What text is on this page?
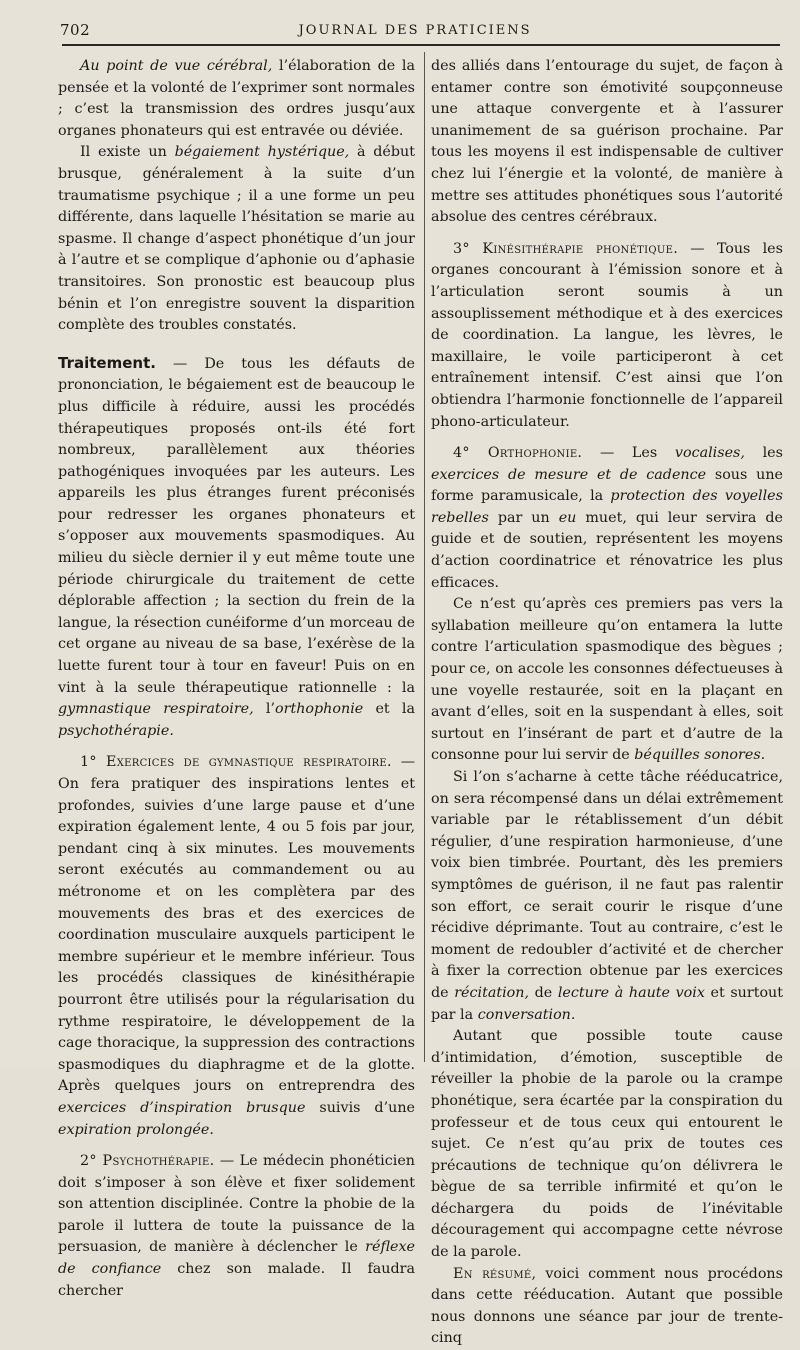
702	JOURNAL DES PRATICIENS

Au point de vue cérébral, l’élaboration de la pensée et la volonté de l’exprimer sont normales ; c’est la transmission des ordres jusqu’aux organes phonateurs qui est entravée ou déviée.

Il existe un bégaiement hystérique, à début brusque, généralement à la suite d’un traumatisme psychique ; il a une forme un peu différente, dans laquelle l’hésitation se marie au spasme. Il change d’aspect phonétique d’un jour à l’autre et se complique d’aphonie ou d’aphasie transitoires. Son pronostic est beaucoup plus bénin et l’on enregistre souvent la disparition complète des troubles constatés.

Traitement. — De tous les défauts de prononciation, le bégaiement est de beaucoup le plus difficile à réduire, aussi les procédés thérapeutiques proposés ont-ils été fort nombreux, parallèlement aux théories pathogéniques invoquées par les auteurs. Les appareils les plus étranges furent préconisés pour redresser les organes phonateurs et s’opposer aux mouvements spasmodiques. Au milieu du siècle dernier il y eut même toute une période chirurgicale du traitement de cette déplorable affection ; la section du frein de la langue, la résection cunéiforme d’un morceau de cet organe au niveau de sa base, l’exérèse de la luette furent tour à tour en faveur! Puis on en vint à la seule thérapeutique rationnelle : la gymnastique respiratoire, l’orthophonie et la psychothérapie.

1° Exercices de gymnastique respiratoire. — On fera pratiquer des inspirations lentes et profondes, suivies d’une large pause et d’une expiration également lente, 4 ou 5 fois par jour, pendant cinq à six minutes. Les mouvements seront exécutés au commandement ou au métronome et on les complètera par des mouvements des bras et des exercices de coordination musculaire auxquels participent le membre supérieur et le membre inférieur. Tous les procédés classiques de kinésithérapie pourront être utilisés pour la régularisation du rythme respiratoire, le développement de la cage thoracique, la suppression des contractions spasmodiques du diaphragme et de la glotte. Après quelques jours on entreprendra des exercices d’inspiration brusque suivis d’une expiration prolongée.

2° Psychothérapie. — Le médecin phonéticien doit s’imposer à son élève et fixer solidement son attention disciplinée. Contre la phobie de la parole il luttera de toute la puissance de la persuasion, de manière à déclencher le réflexe de confiance chez son malade. Il faudra chercher

des alliés dans l’entourage du sujet, de façon à entamer contre son émotivité soupçonneuse une attaque convergente et à l’assurer unanimement de sa guérison prochaine. Par tous les moyens il est indispensable de cultiver chez lui l’énergie et la volonté, de manière à mettre ses attitudes phonétiques sous l’autorité absolue des centres cérébraux.

3° Kinésithérapie phonétique. — Tous les organes concourant à l’émission sonore et à l’articulation seront soumis à un assouplissement méthodique et à des exercices de coordination. La langue, les lèvres, le maxillaire, le voile participeront à cet entraînement intensif. C’est ainsi que l’on obtiendra l’harmonie fonctionnelle de l’appareil phono-articulateur.

4° Orthophonie. — Les vocalises, les exercices de mesure et de cadence sous une forme paramusicale, la protection des voyelles rebelles par un eu muet, qui leur servira de guide et de soutien, représentent les moyens d’action coordinatrice et rénovatrice les plus efficaces.

Ce n’est qu’après ces premiers pas vers la syllabation meilleure qu’on entamera la lutte contre l’articulation spasmodique des bègues ; pour ce, on accole les consonnes défectueuses à une voyelle restaurée, soit en la plaçant en avant d’elles, soit en la suspendant à elles, soit surtout en l’insérant de part et d’autre de la consonne pour lui servir de béquilles sonores.

Si l’on s’acharne à cette tâche rééducatrice, on sera récompensé dans un délai extrêmement variable par le rétablissement d’un débit régulier, d’une respiration harmonieuse, d’une voix bien timbrée. Pourtant, dès les premiers symptômes de guérison, il ne faut pas ralentir son effort, ce serait courir le risque d’une récidive déprimante. Tout au contraire, c’est le moment de redoubler d’activité et de chercher à fixer la correction obtenue par les exercices de récitation, de lecture à haute voix et surtout par la conversation.

Autant que possible toute cause d’intimidation, d’émotion, susceptible de réveiller la phobie de la parole ou la crampe phonétique, sera écartée par la conspiration du professeur et de tous ceux qui entourent le sujet. Ce n’est qu’au prix de toutes ces précautions de technique qu’on délivrera le bègue de sa terrible infirmité et qu’on le déchargera du poids de l’inévitable découragement qui accompagne cette névrose de la parole.

En résumé, voici comment nous procédons dans cette rééducation. Autant que possible nous donnons une séance par jour de trente-cinq
